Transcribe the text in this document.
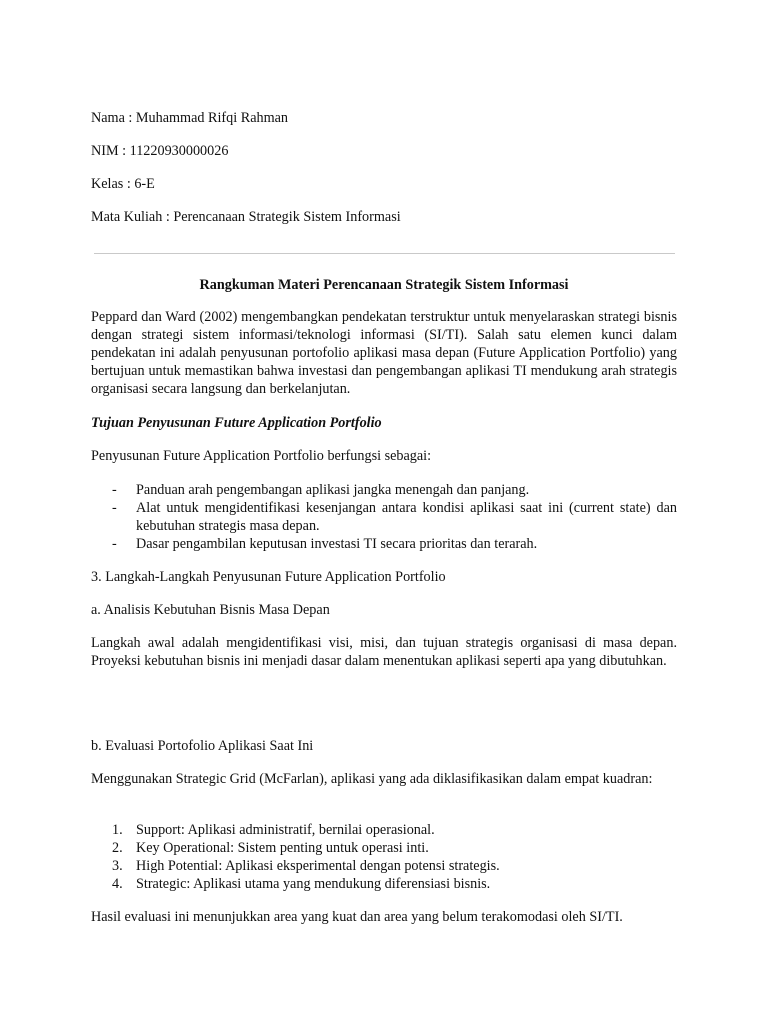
Nama : Muhammad Rifqi Rahman
NIM : 11220930000026
Kelas : 6-E
Mata Kuliah : Perencanaan Strategik Sistem Informasi
Rangkuman Materi Perencanaan Strategik Sistem Informasi
Peppard dan Ward (2002) mengembangkan pendekatan terstruktur untuk menyelaraskan strategi bisnis dengan strategi sistem informasi/teknologi informasi (SI/TI). Salah satu elemen kunci dalam pendekatan ini adalah penyusunan portofolio aplikasi masa depan (Future Application Portfolio) yang bertujuan untuk memastikan bahwa investasi dan pengembangan aplikasi TI mendukung arah strategis organisasi secara langsung dan berkelanjutan.
Tujuan Penyusunan Future Application Portfolio
Penyusunan Future Application Portfolio berfungsi sebagai:
- Panduan arah pengembangan aplikasi jangka menengah dan panjang.
- Alat untuk mengidentifikasi kesenjangan antara kondisi aplikasi saat ini (current state) dan kebutuhan strategis masa depan.
- Dasar pengambilan keputusan investasi TI secara prioritas dan terarah.
3. Langkah-Langkah Penyusunan Future Application Portfolio
a. Analisis Kebutuhan Bisnis Masa Depan
Langkah awal adalah mengidentifikasi visi, misi, dan tujuan strategis organisasi di masa depan. Proyeksi kebutuhan bisnis ini menjadi dasar dalam menentukan aplikasi seperti apa yang dibutuhkan.
b. Evaluasi Portofolio Aplikasi Saat Ini
Menggunakan Strategic Grid (McFarlan), aplikasi yang ada diklasifikasikan dalam empat kuadran:
1. Support: Aplikasi administratif, bernilai operasional.
2. Key Operational: Sistem penting untuk operasi inti.
3. High Potential: Aplikasi eksperimental dengan potensi strategis.
4. Strategic: Aplikasi utama yang mendukung diferensiasi bisnis.
Hasil evaluasi ini menunjukkan area yang kuat dan area yang belum terakomodasi oleh SI/TI.
